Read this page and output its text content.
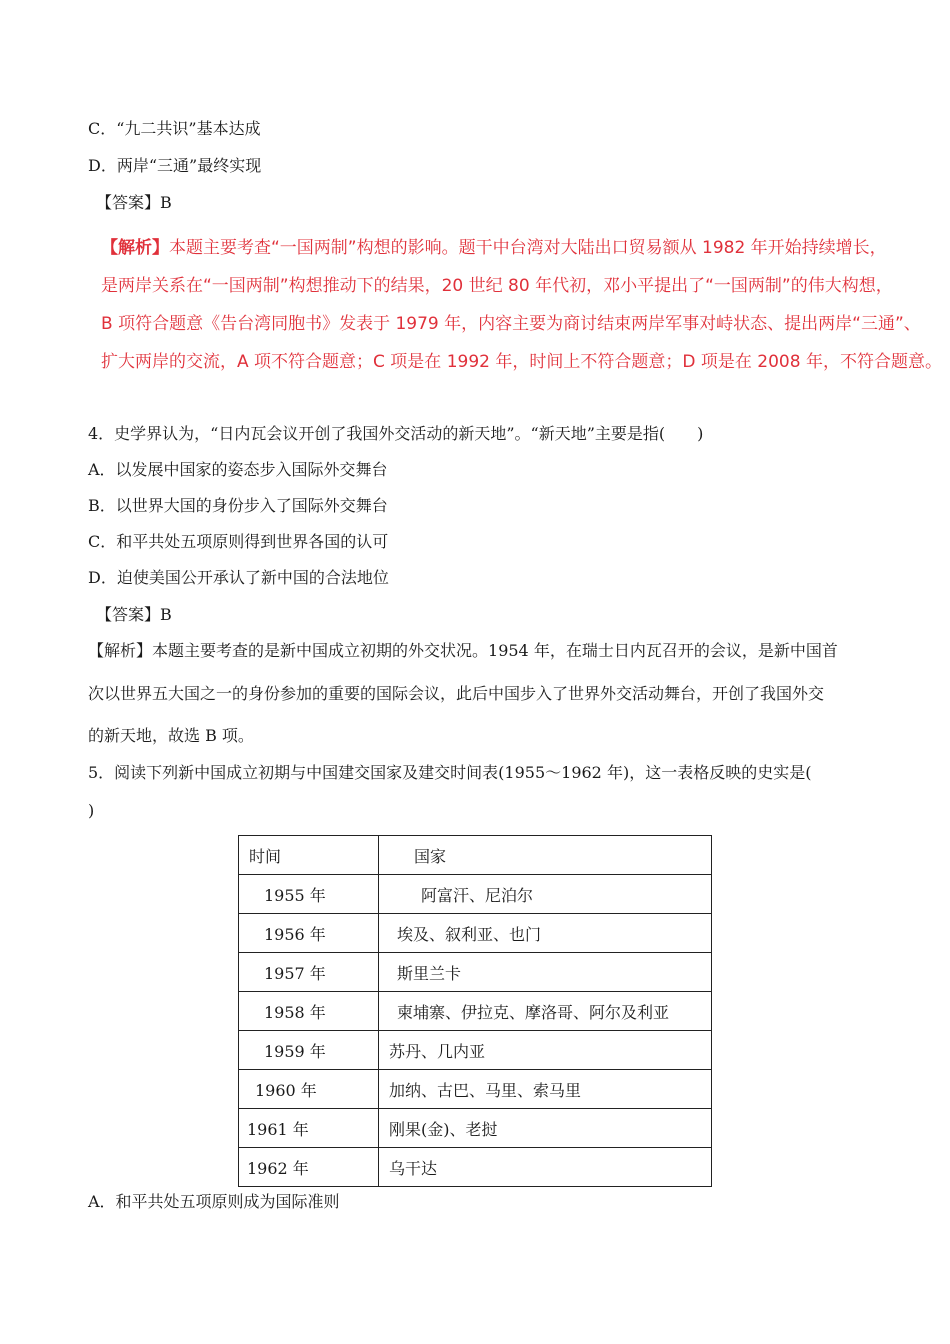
C．“九二共识”基本达成
D．两岸“三通”最终实现
【答案】B
【解析】本题主要考查“一国两制”构想的影响。题干中台湾对大陆出口贸易额从 1982 年开始持续增长，
是两岸关系在“一国两制”构想推动下的结果，20 世纪 80 年代初，邓小平提出了“一国两制”的伟大构想，
B 项符合题意《告台湾同胞书》发表于 1979 年，内容主要为商讨结束两岸军事对峙状态、提出两岸“三通”、
扩大两岸的交流，A 项不符合题意；C 项是在 1992 年，时间上不符合题意；D 项是在 2008 年，不符合题意。
4．史学界认为，“日内瓦会议开创了我国外交活动的新天地”。“新天地”主要是指(　　)
A．以发展中国家的姿态步入国际外交舞台
B．以世界大国的身份步入了国际外交舞台
C．和平共处五项原则得到世界各国的认可
D．迫使美国公开承认了新中国的合法地位
【答案】B
【解析】本题主要考查的是新中国成立初期的外交状况。1954 年，在瑞士日内瓦召开的会议，是新中国首
次以世界五大国之一的身份参加的重要的国际会议，此后中国步入了世界外交活动舞台，开创了我国外交
的新天地，故选 B 项。
5．阅读下列新中国成立初期与中国建交国家及建交时间表(1955～1962 年)，这一表格反映的史实是(
)
时间	国家
1955 年	阿富汗、尼泊尔
1956 年	埃及、叙利亚、也门
1957 年	斯里兰卡
1958 年	柬埔寨、伊拉克、摩洛哥、阿尔及利亚
1959 年	苏丹、几内亚
1960 年	加纳、古巴、马里、索马里
1961 年	刚果(金)、老挝
1962 年	乌干达
A．和平共处五项原则成为国际准则
